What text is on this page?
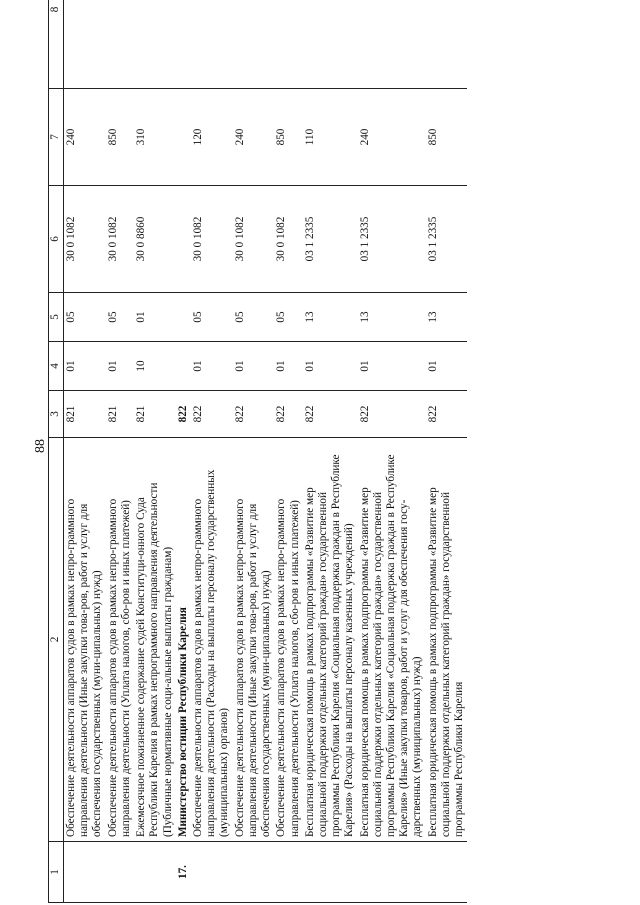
88
1	2	3	4	5	6	7	8
	Обеспечение деятельности аппаратов судов в рамках непро-граммного направления деятельности (Иные закупки това-ров, работ и услуг для обеспечения государственных (муни-ципальных) нужд)	821	01	05	30 0 1082	240	
	Обеспечение деятельности аппаратов судов в рамках непро-граммного направления деятельности (Уплата налогов, сбо-ров и иных платежей)	821	01	05	30 0 1082	850	
	Ежемесячное пожизненное содержание судей Конституци-онного Суда Республики Карелия в рамках непрограммного направления деятельности (Публичные нормативные соци-альные выплаты гражданам)	821	10	01	30 0 8860	310	
17.	Министерство юстиции Республики Карелия	822					
	Обеспечение деятельности аппаратов судов в рамках непро-граммного направления деятельности (Расходы на выплаты персоналу государственных (муниципальных) органов)	822	01	05	30 0 1082	120	
	Обеспечение деятельности аппаратов судов в рамках непро-граммного направления деятельности (Иные закупки това-ров, работ и услуг для обеспечения государственных (муни-ципальных) нужд)	822	01	05	30 0 1082	240	
	Обеспечение деятельности аппаратов судов в рамках непро-граммного направления деятельности (Уплата налогов, сбо-ров и иных платежей)	822	01	05	30 0 1082	850	
	Бесплатная юридическая помощь в рамках подпрограммы «Развитие мер социальной поддержки отдельных категорий граждан» государственной программы Республики Карелия «Социальная поддержка граждан в Республике Карелия» (Расходы на выплаты персоналу казенных учреждений)	822	01	13	03 1 2335	110	
	Бесплатная юридическая помощь в рамках подпрограммы «Развитие мер социальной поддержки отдельных категорий граждан» государственной программы Республики Карелия «Социальная поддержка граждан в Республике Карелия» (Иные закупки товаров, работ и услуг для обеспечения госу-дарственных (муниципальных) нужд)	822	01	13	03 1 2335	240	
	Бесплатная юридическая помощь в рамках подпрограммы «Развитие мер социальной поддержки отдельных категорий граждан» государственной программы Республики Карелия	822	01	13	03 1 2335	850	
